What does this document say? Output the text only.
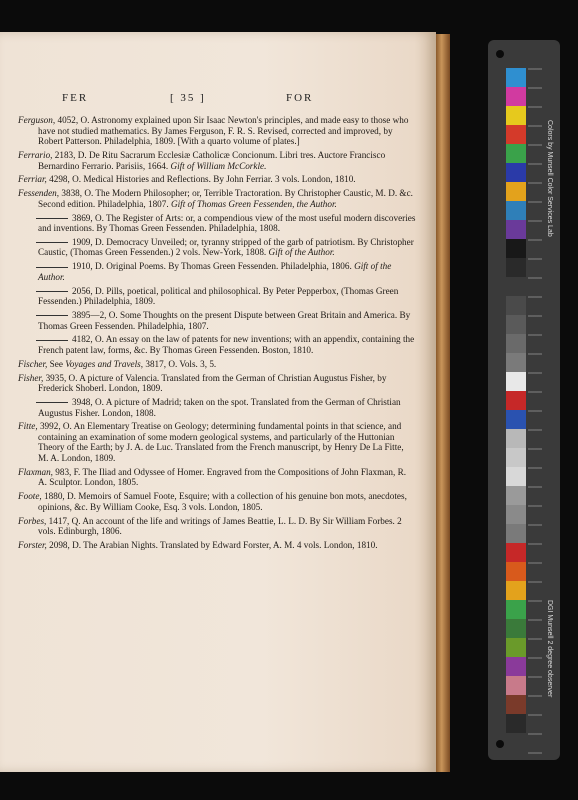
FER	[ 35 ]	FOR

Ferguson, 4052, O. Astronomy explained upon Sir Isaac Newton's principles, and made easy to those who have not studied mathematics. By James Ferguson, F. R. S. Revised, corrected and improved, by Robert Patterson. Philadelphia, 1809. [With a quarto volume of plates.]

Ferrario, 2183, D. De Ritu Sacrarum Ecclesiæ Catholicæ Concionum. Libri tres. Auctore Francisco Bernardino Ferrario. Parisiis, 1664. Gift of William McCorkle.

Ferriar, 4298, O. Medical Histories and Reflections. By John Ferriar. 3 vols. London, 1810.

Fessenden, 3838, O. The Modern Philosopher; or, Terrible Tractoration. By Christopher Caustic, M. D. &c. Second edition. Philadelphia, 1807. Gift of Thomas Green Fessenden, the Author.

3869, O. The Register of Arts: or, a compendious view of the most useful modern discoveries and inventions. By Thomas Green Fessenden. Philadelphia, 1808.

1909, D. Democracy Unveiled; or, tyranny stripped of the garb of patriotism. By Christopher Caustic, (Thomas Green Fessenden.) 2 vols. New-York, 1808. Gift of the Author.

1910, D. Original Poems. By Thomas Green Fessenden. Philadelphia, 1806. Gift of the Author.

2056, D. Pills, poetical, political and philosophical. By Peter Pepperbox, (Thomas Green Fessenden.) Philadelphia, 1809.

3895—2, O. Some Thoughts on the present Dispute between Great Britain and America. By Thomas Green Fessenden. Philadelphia, 1807.

4182, O. An essay on the law of patents for new inventions; with an appendix, containing the French patent law, forms, &c. By Thomas Green Fessenden. Boston, 1810.

Fischer, See Voyages and Travels, 3817, O. Vols. 3, 5.

Fisher, 3935, O. A picture of Valencia. Translated from the German of Christian Augustus Fisher, by Frederick Shoberl. London, 1809.

3948, O. A picture of Madrid; taken on the spot. Translated from the German of Christian Augustus Fisher. London, 1808.

Fitte, 3992, O. An Elementary Treatise on Geology; determining fundamental points in that science, and containing an examination of some modern geological systems, and particularly of the Huttonian Theory of the Earth; by J. A. de Luc. Translated from the French manuscript, by Henry De La Fitte, M. A. London, 1809.

Flaxman, 983, F. The Iliad and Odyssee of Homer. Engraved from the Compositions of John Flaxman, R. A. Sculptor. London, 1805.

Foote, 1880, D. Memoirs of Samuel Foote, Esquire; with a collection of his genuine bon mots, anecdotes, opinions, &c. By William Cooke, Esq. 3 vols. London, 1805.

Forbes, 1417, Q. An account of the life and writings of James Beattie, L. L. D. By Sir William Forbes. 2 vols. Edinburgh, 1806.

Forster, 2098, D. The Arabian Nights. Translated by Edward Forster, A. M. 4 vols. London, 1810.

Colors by Munsell Color Services Lab
DGI Munsell 2 degree observer
